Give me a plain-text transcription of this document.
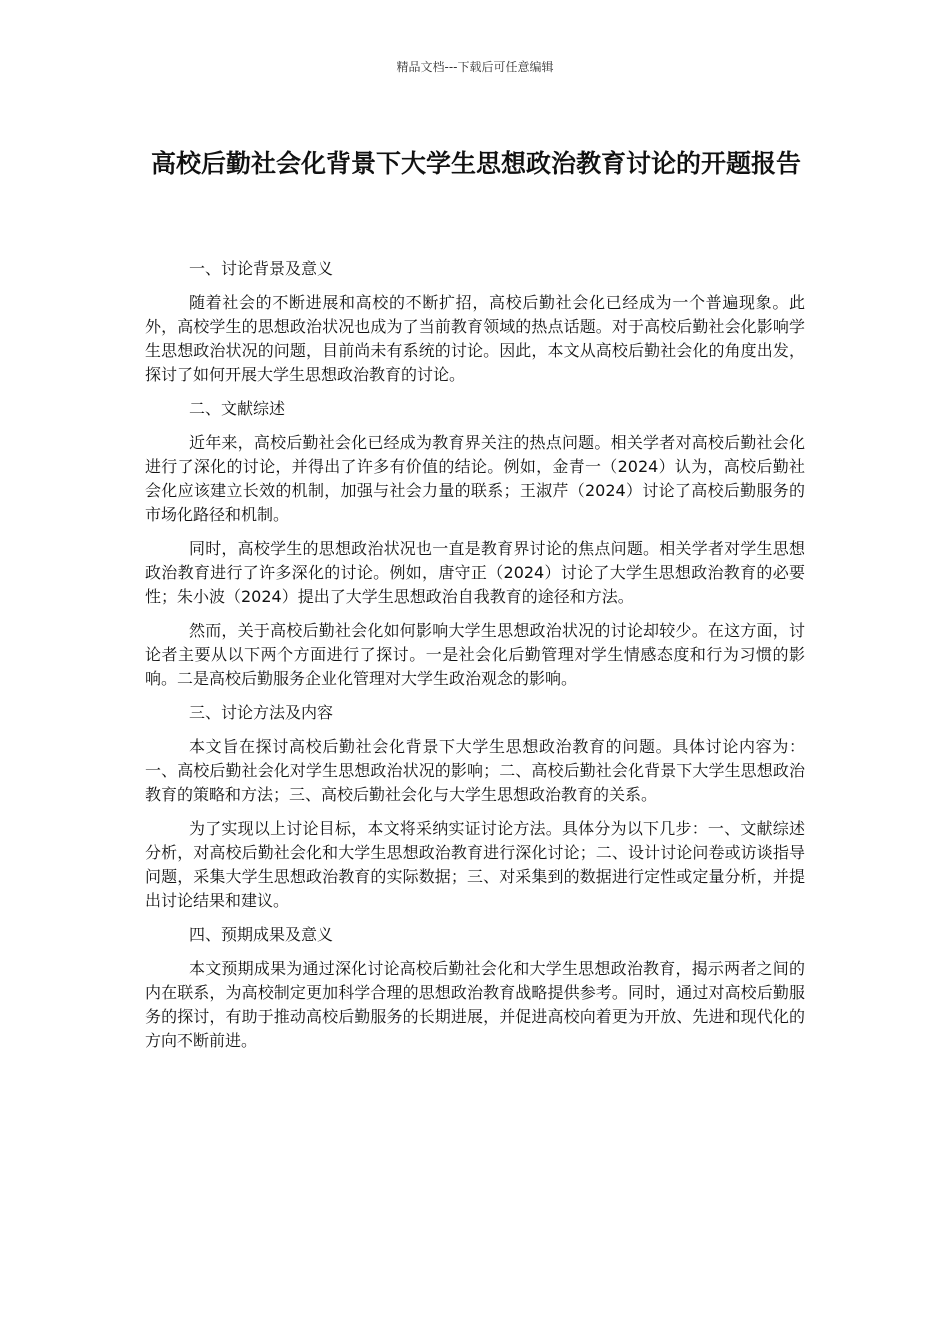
精品文档---下载后可任意编辑
高校后勤社会化背景下大学生思想政治教育讨论的开题报告

一、讨论背景及意义

随着社会的不断进展和高校的不断扩招，高校后勤社会化已经成为一个普遍现象。此外，高校学生的思想政治状况也成为了当前教育领域的热点话题。对于高校后勤社会化影响学生思想政治状况的问题，目前尚未有系统的讨论。因此，本文从高校后勤社会化的角度出发，探讨了如何开展大学生思想政治教育的讨论。

二、文献综述

近年来，高校后勤社会化已经成为教育界关注的热点问题。相关学者对高校后勤社会化进行了深化的讨论，并得出了许多有价值的结论。例如，金青一（2024）认为，高校后勤社会化应该建立长效的机制，加强与社会力量的联系；王淑芹（2024）讨论了高校后勤服务的市场化路径和机制。

同时，高校学生的思想政治状况也一直是教育界讨论的焦点问题。相关学者对学生思想政治教育进行了许多深化的讨论。例如，唐守正（2024）讨论了大学生思想政治教育的必要性；朱小波（2024）提出了大学生思想政治自我教育的途径和方法。

然而，关于高校后勤社会化如何影响大学生思想政治状况的讨论却较少。在这方面，讨论者主要从以下两个方面进行了探讨。一是社会化后勤管理对学生情感态度和行为习惯的影响。二是高校后勤服务企业化管理对大学生政治观念的影响。

三、讨论方法及内容

本文旨在探讨高校后勤社会化背景下大学生思想政治教育的问题。具体讨论内容为：一、高校后勤社会化对学生思想政治状况的影响；二、高校后勤社会化背景下大学生思想政治教育的策略和方法；三、高校后勤社会化与大学生思想政治教育的关系。

为了实现以上讨论目标，本文将采纳实证讨论方法。具体分为以下几步：一、文献综述分析，对高校后勤社会化和大学生思想政治教育进行深化讨论；二、设计讨论问卷或访谈指导问题，采集大学生思想政治教育的实际数据；三、对采集到的数据进行定性或定量分析，并提出讨论结果和建议。

四、预期成果及意义

本文预期成果为通过深化讨论高校后勤社会化和大学生思想政治教育，揭示两者之间的内在联系，为高校制定更加科学合理的思想政治教育战略提供参考。同时，通过对高校后勤服务的探讨，有助于推动高校后勤服务的长期进展，并促进高校向着更为开放、先进和现代化的方向不断前进。
